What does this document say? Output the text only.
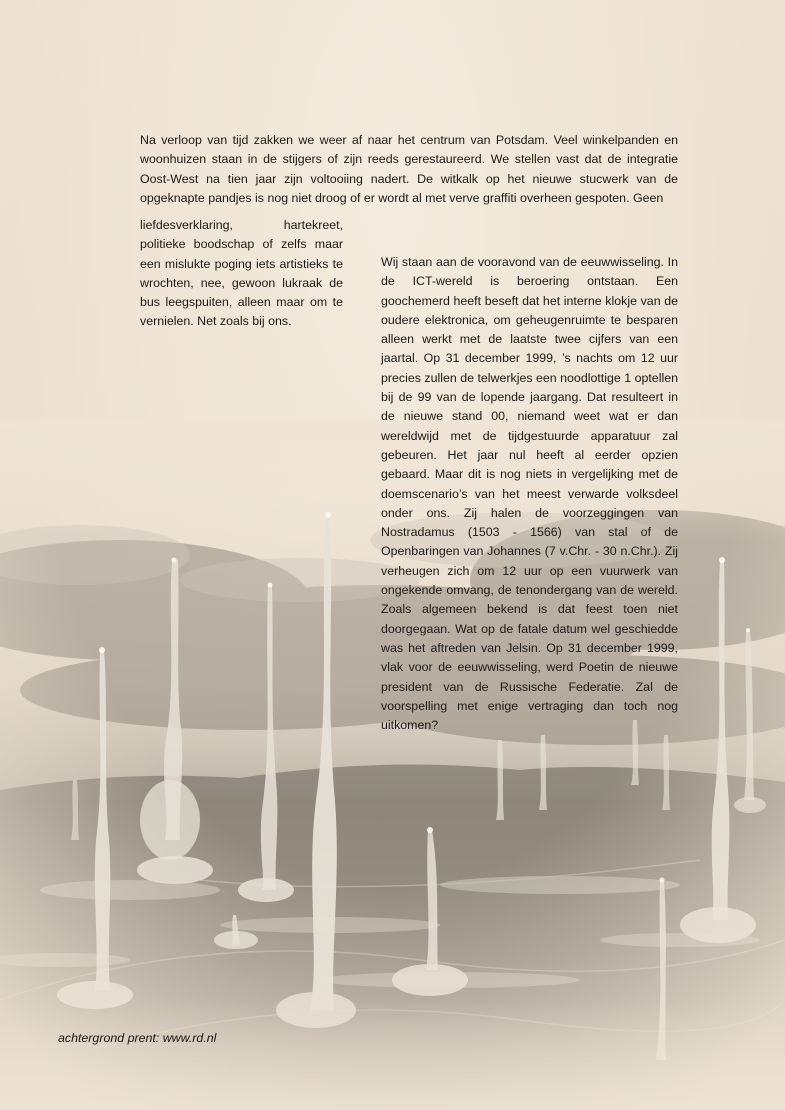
Na verloop van tijd zakken we weer af naar het centrum van Potsdam. Veel winkelpanden en woonhuizen staan in de stijgers of zijn reeds gerestaureerd. We stellen vast dat de integratie Oost-West na tien jaar zijn voltooiing nadert. De witkalk op het nieuwe stucwerk van de opgeknapte pandjes is nog niet droog of er wordt al met verve graffiti overheen gespoten. Geen

liefdesverklaring, hartekreet, politieke boodschap of zelfs maar een mislukte poging iets artistieks te wrochten, nee, gewoon lukraak de bus leegspuiten, alleen maar om te vernielen. Net zoals bij ons.

Wij staan aan de vooravond van de eeuwwisseling. In de ICT-wereld is beroering ontstaan. Een goochemerd heeft beseft dat het interne klokje van de oudere elektronica, om geheugenruimte te besparen alleen werkt met de laatste twee cijfers van een jaartal. Op 31 december 1999, ’s nachts om 12 uur precies zullen de telwerkjes een noodlottige 1 optellen bij de 99 van de lopende jaargang. Dat resulteert in de nieuwe stand 00, niemand weet wat er dan wereldwijd met de tijdgestuurde apparatuur zal gebeuren. Het jaar nul heeft al eerder opzien gebaard. Maar dit is nog niets in vergelijking met de doemscenario’s van het meest verwarde volksdeel onder ons. Zij halen de voorzeggingen van Nostradamus (1503 - 1566) van stal of de Openbaringen van Johannes (7 v.Chr. - 30 n.Chr.). Zij verheugen zich om 12 uur op een vuurwerk van ongekende omvang, de tenondergang van de wereld. Zoals algemeen bekend is dat feest toen niet doorgegaan. Wat op de fatale datum wel geschiedde was het aftreden van Jelsin. Op 31 december 1999, vlak voor de eeuwwisseling, werd Poetin de nieuwe president van de Russische Federatie. Zal de voorspelling met enige vertraging dan toch nog uitkomen?

achtergrond prent: www.rd.nl
